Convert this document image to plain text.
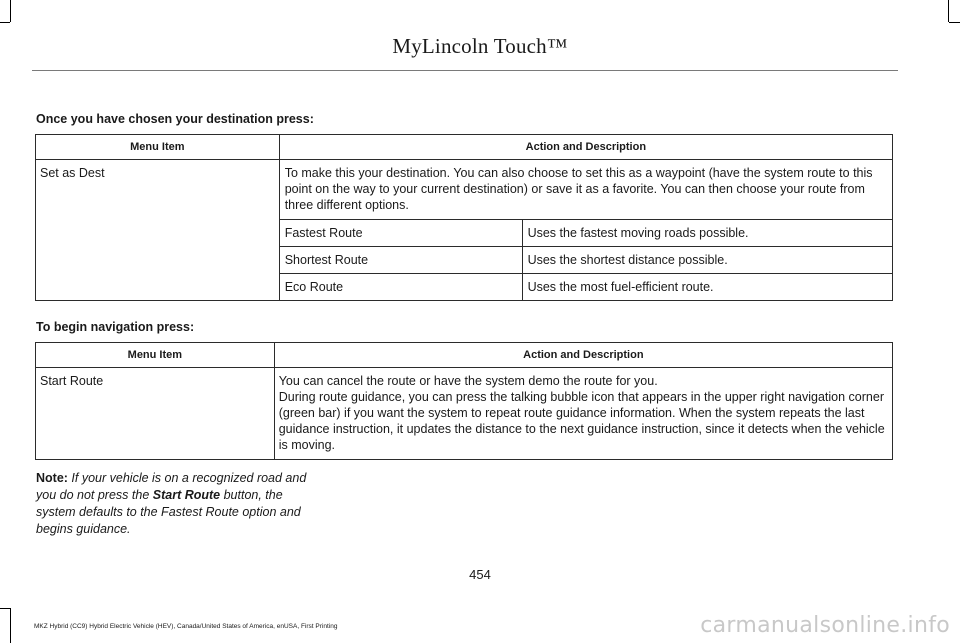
MyLincoln Touch™
Once you have chosen your destination press:
Menu Item	Action and Description
Set as Dest	To make this your destination. You can also choose to set this as a waypoint (have the system route to this point on the way to your current destination) or save it as a favorite. You can then choose your route from three different options.
Fastest Route	Uses the fastest moving roads possible.
Shortest Route	Uses the shortest distance possible.
Eco Route	Uses the most fuel-efficient route.
To begin navigation press:
Menu Item	Action and Description
Start Route	You can cancel the route or have the system demo the route for you.
During route guidance, you can press the talking bubble icon that appears in the upper right navigation corner (green bar) if you want the system to repeat route guidance information. When the system repeats the last guidance instruction, it updates the distance to the next guidance instruction, since it detects when the vehicle is moving.
Note: If your vehicle is on a recognized road and you do not press the Start Route button, the system defaults to the Fastest Route option and begins guidance.
454
MKZ Hybrid (CC9) Hybrid Electric Vehicle (HEV), Canada/United States of America, enUSA, First Printing	carmanualsonline.info
